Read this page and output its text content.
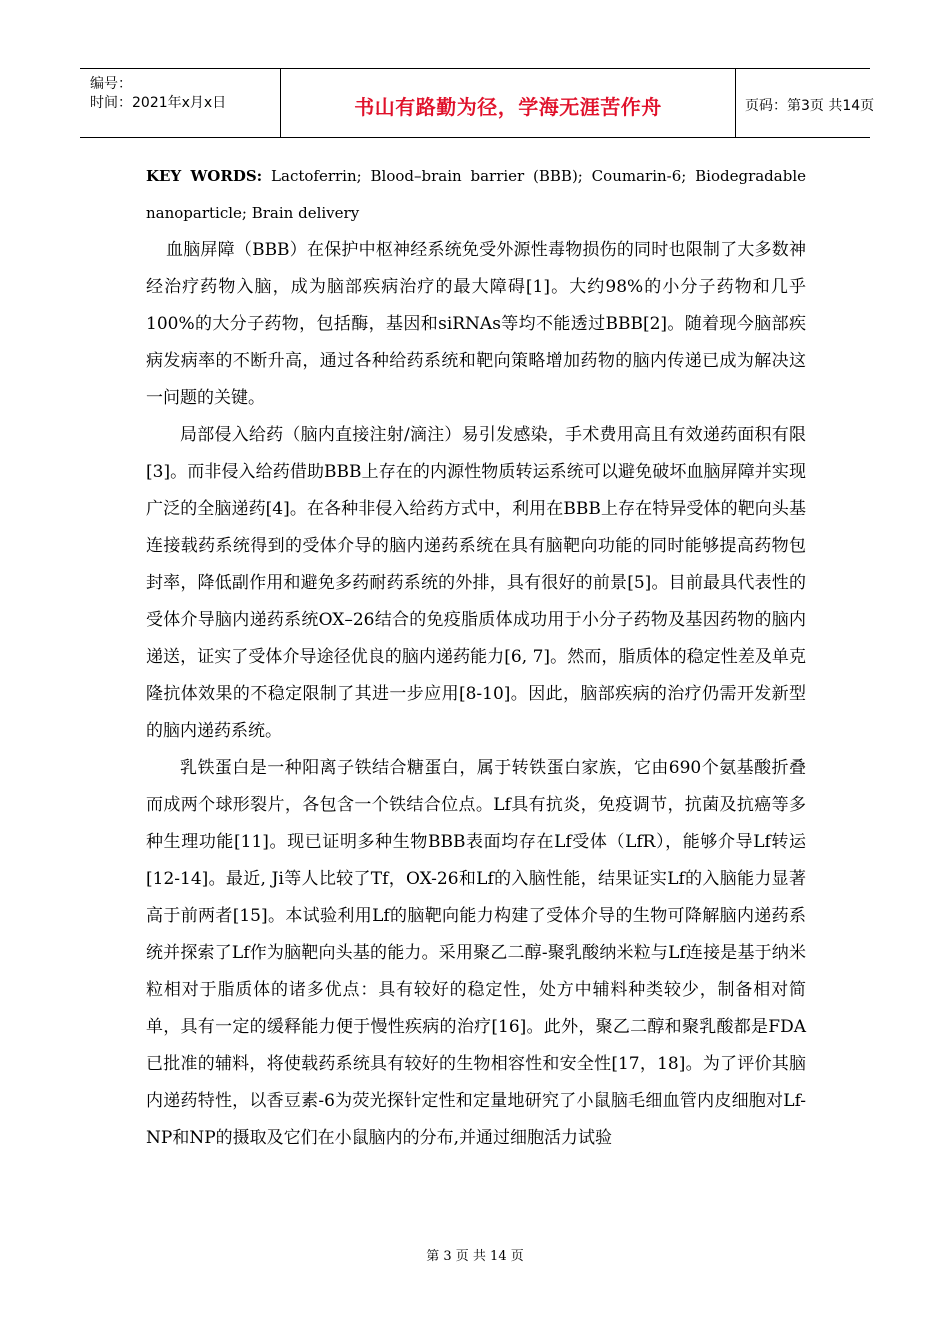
编号：
时间：2021年x月x日	书山有路勤为径，学海无涯苦作舟	页码：第3页 共14页

KEY WORDS: Lactoferrin; Blood–brain barrier (BBB); Coumarin-6; Biodegradable nanoparticle; Brain delivery

血脑屏障（BBB）在保护中枢神经系统免受外源性毒物损伤的同时也限制了大多数神经治疗药物入脑，成为脑部疾病治疗的最大障碍[1]。大约98%的小分子药物和几乎100%的大分子药物，包括酶，基因和siRNAs等均不能透过BBB[2]。随着现今脑部疾病发病率的不断升高，通过各种给药系统和靶向策略增加药物的脑内传递已成为解决这一问题的关键。

局部侵入给药（脑内直接注射/滴注）易引发感染，手术费用高且有效递药面积有限[3]。而非侵入给药借助BBB上存在的内源性物质转运系统可以避免破坏血脑屏障并实现广泛的全脑递药[4]。在各种非侵入给药方式中，利用在BBB上存在特异受体的靶向头基连接载药系统得到的受体介导的脑内递药系统在具有脑靶向功能的同时能够提高药物包封率，降低副作用和避免多药耐药系统的外排，具有很好的前景[5]。目前最具代表性的受体介导脑内递药系统OX–26结合的免疫脂质体成功用于小分子药物及基因药物的脑内递送，证实了受体介导途径优良的脑内递药能力[6, 7]。然而，脂质体的稳定性差及单克隆抗体效果的不稳定限制了其进一步应用[8-10]。因此，脑部疾病的治疗仍需开发新型的脑内递药系统。

乳铁蛋白是一种阳离子铁结合糖蛋白，属于转铁蛋白家族，它由690个氨基酸折叠而成两个球形裂片，各包含一个铁结合位点。Lf具有抗炎，免疫调节，抗菌及抗癌等多种生理功能[11]。现已证明多种生物BBB表面均存在Lf受体（LfR），能够介导Lf转运[12-14]。最近, Ji等人比较了Tf，OX-26和Lf的入脑性能，结果证实Lf的入脑能力显著高于前两者[15]。本试验利用Lf的脑靶向能力构建了受体介导的生物可降解脑内递药系统并探索了Lf作为脑靶向头基的能力。采用聚乙二醇-聚乳酸纳米粒与Lf连接是基于纳米粒相对于脂质体的诸多优点：具有较好的稳定性，处方中辅料种类较少，制备相对简单，具有一定的缓释能力便于慢性疾病的治疗[16]。此外，聚乙二醇和聚乳酸都是FDA已批准的辅料，将使载药系统具有较好的生物相容性和安全性[17，18]。为了评价其脑内递药特性，以香豆素-6为荧光探针定性和定量地研究了小鼠脑毛细血管内皮细胞对Lf-NP和NP的摄取及它们在小鼠脑内的分布,并通过细胞活力试验

第 3 页 共 14 页
